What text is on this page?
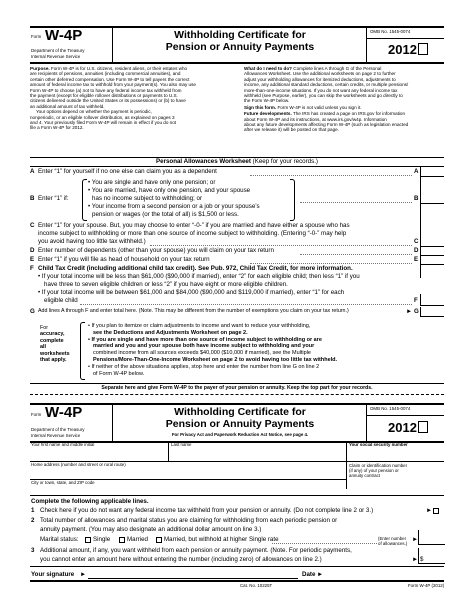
Form W-4P
Department of the Treasury
Internal Revenue Service
Withholding Certificate for
Pension or Annuity Payments
OMB No. 1545-0074
2012
Purpose. Form W-4P is for U.S. citizens, resident aliens, or their estates who
are recipients of pensions, annuities (including commercial annuities), and
certain other deferred compensation. Use Form W-4P to tell payers the correct
amount of federal income tax to withhold from your payment(s). You also may use
Form W-4P to choose (a) not to have any federal income tax withheld from
the payment (except for eligible rollover distributions or payments to U.S.
citizens delivered outside the United States or its possessions) or (b) to have
an additional amount of tax withheld.
Your options depend on whether the payment is periodic,
nonperiodic, or an eligible rollover distribution, as explained on pages 3
and 4. Your previously filed Form W-4P will remain in effect if you do not
file a Form W-4P for 2012.
What do I need to do? Complete lines A through G of the Personal
Allowances Worksheet. Use the additional worksheets on page 2 to further
adjust your withholding allowances for itemized deductions, adjustments to
income, any additional standard deductions, certain credits, or multiple pensions/
more-than-one-income situations. If you do not want any federal income tax
withheld (see Purpose, earlier), you can skip the worksheets and go directly to
the Form W-4P below.
Sign this form. Form W-4P is not valid unless you sign it.
Future developments. The IRS has created a page on IRS.gov for information
about Form W-4P and its instructions, at www.irs.gov/w4p. Information
about any future developments affecting Form W-4P (such as legislation enacted
after we release it) will be posted on that page.
Personal Allowances Worksheet (Keep for your records.)
A Enter “1” for yourself if no one else can claim you as a dependent	A
B Enter “1” if:
• You are single and have only one pension; or
• You are married, have only one pension, and your spouse
has no income subject to withholding; or
• Your income from a second pension or a job or your spouse’s
pension or wages (or the total of all) is $1,500 or less.
B
C Enter “1” for your spouse. But, you may choose to enter “-0-” if you are married and have either a spouse who has
income subject to withholding or more than one source of income subject to withholding. (Entering “-0-” may help
you avoid having too little tax withheld.)	C
D Enter number of dependents (other than your spouse) you will claim on your tax return	D
E Enter “1” if you will file as head of household on your tax return	E
F Child Tax Credit (including additional child tax credit). See Pub. 972, Child Tax Credit, for more information.
• If your total income will be less than $61,000 ($90,000 if married), enter “2” for each eligible child; then less “1” if you
have three to seven eligible children or less “2” if you have eight or more eligible children.
• If your total income will be between $61,000 and $84,000 ($90,000 and $119,000 if married), enter “1” for each
eligible child	F
G Add lines A through F and enter total here. (Note. This may be different from the number of exemptions you claim on your tax return.)	► G
For
accuracy,
complete
all
worksheets
that apply.
• If you plan to itemize or claim adjustments to income and want to reduce your withholding,
see the Deductions and Adjustments Worksheet on page 2.
• If you are single and have more than one source of income subject to withholding or are
married and you and your spouse both have income subject to withholding and your
combined income from all sources exceeds $40,000 ($10,000 if married), see the Multiple
Pensions/More-Than-One-Income Worksheet on page 2 to avoid having too little tax withheld.
• If neither of the above situations applies, stop here and enter the number from line G on line 2
of Form W-4P below.
Separate here and give Form W-4P to the payer of your pension or annuity. Keep the top part for your records.
Form W-4P
Department of the Treasury
Internal Revenue Service
Withholding Certificate for
Pension or Annuity Payments
For Privacy Act and Paperwork Reduction Act Notice, see page 4.
OMB No. 1545-0074
2012
Your first name and middle initial	Last name	Your social security number
Home address (number and street or rural route)	Claim or identification number
(if any) of your pension or
annuity contract
City or town, state, and ZIP code
Complete the following applicable lines.
1 Check here if you do not want any federal income tax withheld from your pension or annuity. (Do not complete line 2 or 3.)	►
2 Total number of allowances and marital status you are claiming for withholding from each periodic pension or
annuity payment. (You may also designate an additional dollar amount on line 3.)
Marital status: Single	Married	Married, but withhold at higher Single rate	(Enter number
of allowances.)
►
3 Additional amount, if any, you want withheld from each pension or annuity payment. (Note. For periodic payments,
you cannot enter an amount here without entering the number (including zero) of allowances on line 2.)	► $
Your signature ►	Date ►
Cat. No. 10225T	Form W-4P (2012)
